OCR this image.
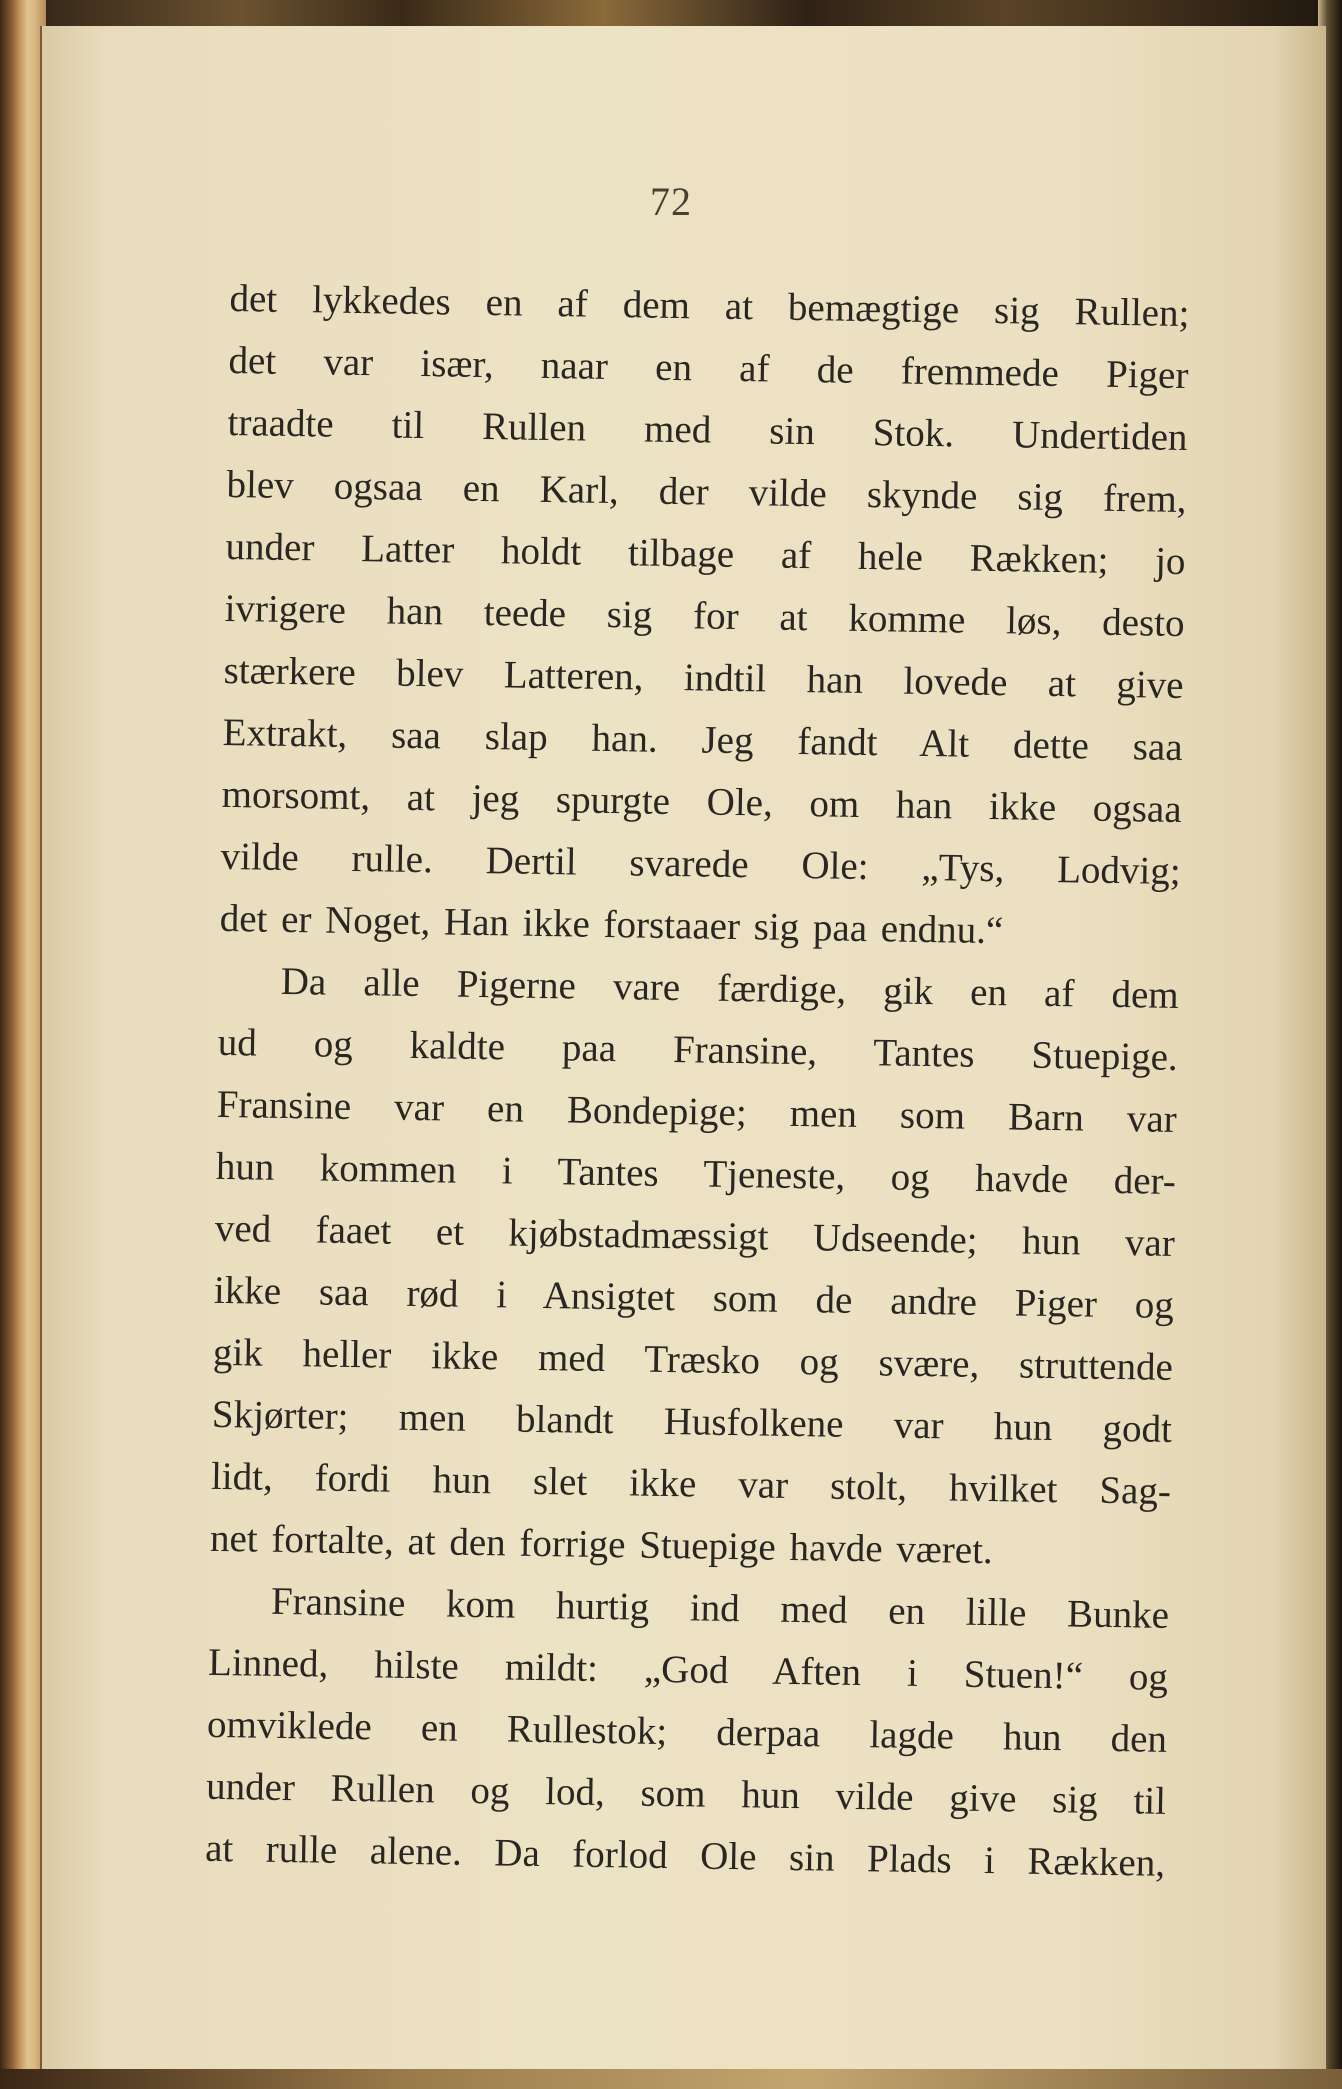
72
det lykkedes en af dem at bemægtige sig Rullen;
det var især, naar en af de fremmede Piger
traadte til Rullen med sin Stok. Undertiden
blev ogsaa en Karl, der vilde skynde sig frem,
under Latter holdt tilbage af hele Rækken; jo
ivrigere han teede sig for at komme løs, desto
stærkere blev Latteren, indtil han lovede at give
Extrakt, saa slap han. Jeg fandt Alt dette saa
morsomt, at jeg spurgte Ole, om han ikke ogsaa
vilde rulle. Dertil svarede Ole: „Tys, Lodvig;
det er Noget, Han ikke forstaaer sig paa endnu.“
Da alle Pigerne vare færdige, gik en af dem
ud og kaldte paa Fransine, Tantes Stuepige.
Fransine var en Bondepige; men som Barn var
hun kommen i Tantes Tjeneste, og havde der-
ved faaet et kjøbstadmæssigt Udseende; hun var
ikke saa rød i Ansigtet som de andre Piger og
gik heller ikke med Træsko og svære, struttende
Skjørter; men blandt Husfolkene var hun godt
lidt, fordi hun slet ikke var stolt, hvilket Sag-
net fortalte, at den forrige Stuepige havde været.
Fransine kom hurtig ind med en lille Bunke
Linned, hilste mildt: „God Aften i Stuen!“ og
omviklede en Rullestok; derpaa lagde hun den
under Rullen og lod, som hun vilde give sig til
at rulle alene. Da forlod Ole sin Plads i Rækken,
